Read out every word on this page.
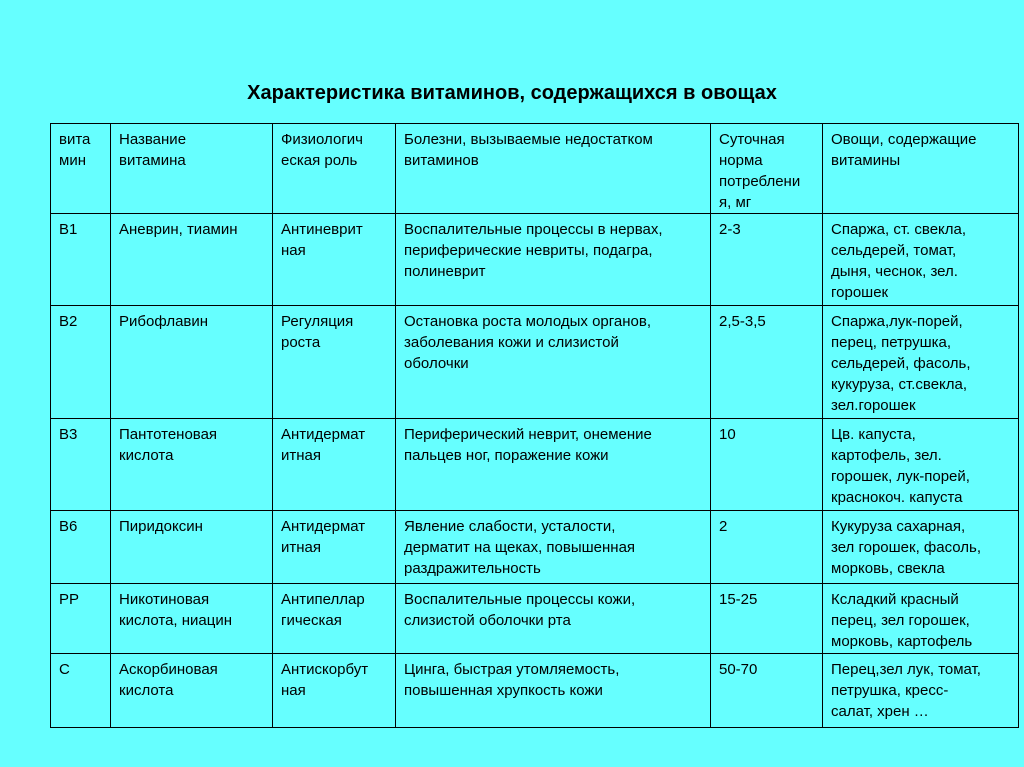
Характеристика витаминов, содержащихся в овощах
вита
мин	Название
витамина	Физиологич
еская роль	Болезни, вызываемые недостатком
витаминов	Суточная
норма
потреблени
я, мг	Овощи, содержащие
витамины
B1	Аневрин, тиамин	Антиневрит
ная	Воспалительные процессы в нервах,
периферические невриты, подагра,
полиневрит	2-3	Спаржа, ст. свекла,
сельдерей, томат,
дыня, чеснок, зел.
горошек
B2	Рибофлавин	Регуляция
роста	Остановка роста молодых органов,
заболевания кожи и слизистой
оболочки	2,5-3,5	Спаржа,лук-порей,
перец, петрушка,
сельдерей, фасоль,
кукуруза, ст.свекла,
зел.горошек
B3	Пантотеновая
кислота	Антидермат
итная	Периферический неврит, онемение
пальцев ног, поражение кожи	10	Цв. капуста,
картофель, зел.
горошек, лук-порей,
краснокоч. капуста
B6	Пиридоксин	Антидермат
итная	Явление слабости, усталости,
дерматит на щеках, повышенная
раздражительность	2	Кукуруза сахарная,
зел горошек, фасоль,
морковь, свекла
PP	Никотиновая
кислота, ниацин	Антипеллар
гическая	Воспалительные процессы кожи,
слизистой оболочки рта	15-25	Ксладкий красный
перец, зел горошек,
морковь, картофель
C	Аскорбиновая
кислота	Антискорбут
ная	Цинга, быстрая утомляемость,
повышенная хрупкость кожи	50-70	Перец,зел лук, томат,
петрушка, кресс-
салат, хрен …
